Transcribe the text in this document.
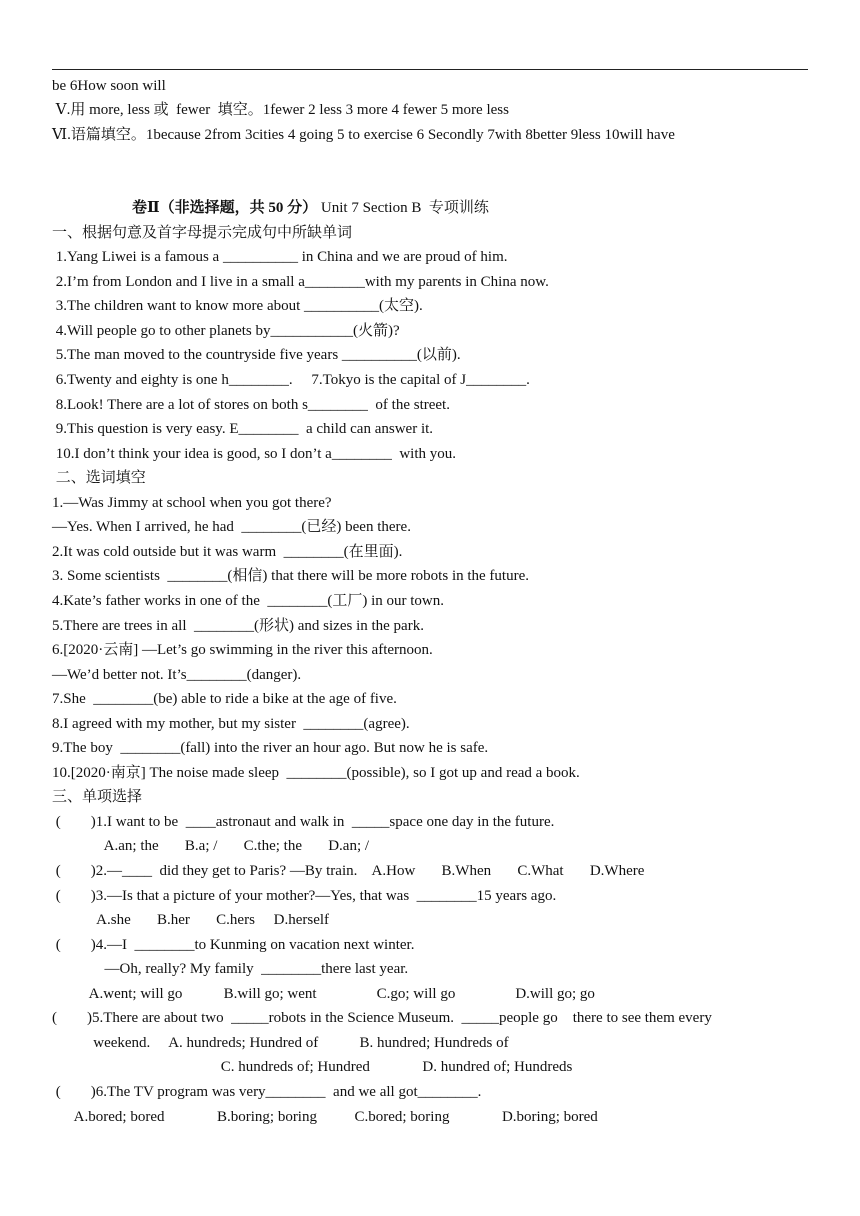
be 6How soon will
Ⅴ.用 more, less 或  fewer  填空。1fewer 2 less 3 more 4 fewer 5 more less
Ⅵ.语篇填空。1because 2from 3cities 4 going 5 to exercise 6 Secondly 7with 8better 9less 10will have
卷Ⅱ（非选择题，共 50 分） Unit 7 Section B  专项训练
一、根据句意及首字母提示完成句中所缺单词
1.Yang Liwei is a famous a __________ in China and we are proud of him.
2.I’m from London and I live in a small a________with my parents in China now.
3.The children want to know more about __________(太空).
4.Will people go to other planets by___________(火箭)?
5.The man moved to the countryside five years __________(以前).
6.Twenty and eighty is one h________.     7.Tokyo is the capital of J________.
8.Look! There are a lot of stores on both s________  of the street.
9.This question is very easy. E________  a child can answer it.
10.I don’t think your idea is good, so I don’t a________  with you.
二、选词填空
1.—Was Jimmy at school when you got there?
—Yes. When I arrived, he had  ________(已经) been there.
2.It was cold outside but it was warm  ________(在里面).
3. Some scientists  ________(相信) that there will be more robots in the future.
4.Kate’s father works in one of the  ________(工厂) in our town.
5.There are trees in all  ________(形状) and sizes in the park.
6.[2020·云南] —Let’s go swimming in the river this afternoon.
—We’d better not. It’s________(danger).
7.She  ________(be) able to ride a bike at the age of five.
8.I agreed with my mother, but my sister  ________(agree).
9.The boy  ________(fall) into the river an hour ago. But now he is safe.
10.[2020·南京] The noise made sleep  ________(possible), so I got up and read a book.
三、单项选择
(        )1.I want to be  ____astronaut and walk in  _____space one day in the future.
A.an; the       B.a; /       C.the; the       D.an; /
(        )2.—____  did they get to Paris? —By train.    A.How       B.When       C.What       D.Where
(        )3.—Is that a picture of your mother?—Yes, that was  ________15 years ago.
A.she       B.her       C.hers     D.herself
(        )4.—I  ________to Kunming on vacation next winter.
—Oh, really? My family  ________there last year.
A.went; will go           B.will go; went                C.go; will go                D.will go; go
(        )5.There are about two  _____robots in the Science Museum.  _____people go    there to see them every
weekend.     A. hundreds; Hundred of           B. hundred; Hundreds of
C. hundreds of; Hundred              D. hundred of; Hundreds
(        )6.The TV program was very________  and we all got________.
A.bored; bored              B.boring; boring          C.bored; boring              D.boring; bored
